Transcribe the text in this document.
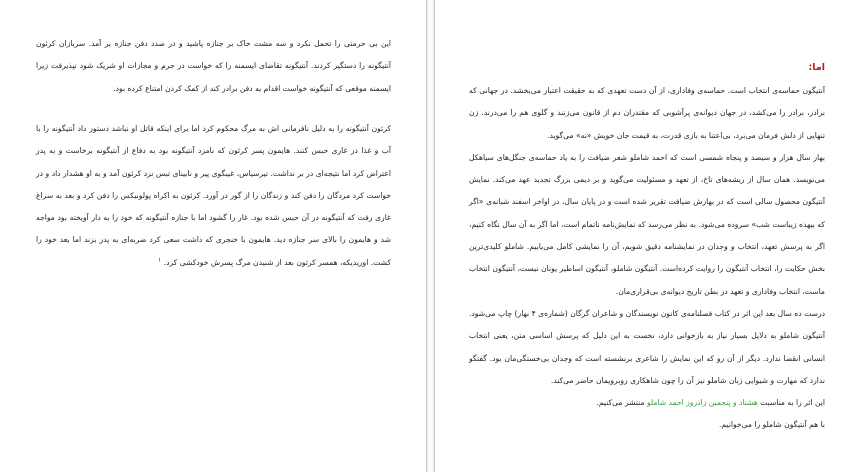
این بی حرمتی را تحمل نکرد و سه مشت خاک بر جنازه پاشید و در صدد دفن جنازه بر آمد. سربازان کرئون آنتیگونه را دستگیر کردند. آنتیگونه تقاضای ایسمنه را که خواست در جرم و مجازات او شریک شود نپذیرفت زیرا ایسمنه موقعی که آنتیگونه خواست اقدام به دفن برادر کند از کمک کردن امتناع کرده بود.

کرئون آنتیگونه را به دلیل نافرمانی اش به مرگ محکوم کرد اما برای اینکه قاتل او نباشد دستور داد آنتیگونه را با آب و غذا در غاری حبس کنند. هایمون پسر کرئون که نامزد آنتیگونه بود به دفاع از آنتیگونه برخاست و به پدر اعتراض کرد اما نتیجه‌ای در بر نداشت. تیرسیاس، غیبگوی پیر و نابینای تبس نزد کرئون آمد و به او هشدار داد و در خواست کرد مردگان را دفن کند و زندگان را از گور در آورد. کرئون به اکراه پولونیکس را دفن کرد و بعد به سراغ غاری رفت که آنتیگونه در آن حبس شده بود. غار را گشود اما با جنازه آنتیگونه که خود را به دار آویخته بود مواجه شد و هایمون را بالای سر جنازه دید. هایمون با خنجری که داشت سعی کرد ضربه‌ای به پدر بزند اما بعد خود را کشت. اوریدیکه، همسر کرئون بعد از شنیدن مرگ پسرش خودکشی کرد. $^۱$

اما:

آنتیگون حماسه‌ی انتخاب است. حماسه‌ی وفاداری، از آن دست تعهدی که به حقیقت اعتبار می‌بخشد. در جهانی که برادر، برادر را می‌کشد، در جهان دیوانه‌ی پرآشوبی که مقتدران دم از قانون می‌زنند و گلوی هم را می‌درند. زن تنهایی از دلش فرمان می‌برد، بی‌اعتنا به بازی قدرت، به قیمت جان خویش «نه» می‌گوید.

بهار سال هزار و سیصد و پنجاه شمسی است که احمد شاملو شعر ضیافت را به یاد حماسه‌ی جنگل‌های سیاهکل می‌نویسد. همان سال از ریشه‌های تاخ، از تعهد و مسئولیت می‌گوید و بر دیمی بزرگ تجدید عهد می‌کند. نمایش آنتیگون محصول سالی است که در بهارش ضیافت تقریر شده است و در پایان سال، در اواخر اسفند شبانه‌ی «اگر که بیهده زیباست شب» سروده می‌شود. به نظر می‌رسد که نمایش‌نامه ناتمام است، اما اگر به آن سال نگاه کنیم، اگر به پرسش تعهد، انتخاب و وجدان در نمایشنامه دقیق شویم، آن را نمایشی کامل می‌یابیم. شاملو کلیدی‌ترین بخش حکایت را، انتخاب آنتیگون را روایت کرده‌است. آنتیگون شاملو، آنتیگون اساطیر یونان نیست، آنتیگون انتخاب ماست، انتخاب وفاداری و تعهد در بطن تاریخ دیوانه‌ی بی‌قراری‌مان.

درست ده سال بعد این اثر در کتاب فصلنامه‌ی کانون نویسندگان و شاعران گرگان (شماره‌ی ۴ بهار) چاپ می‌شود. آنتیگون شاملو به دلایل بسیار نیاز به بازخوانی دارد، نخست به این دلیل که پرسش اساسی متن، یعنی انتخاب انسانی انقضا ندارد. دیگر از آن رو که این نمایش را شاعری برنشسته است که وجدان بی‌خستگی‌مان بود. گفتگو ندارد که مهارت و شیوایی زبان شاملو نیز آن را چون شاهکاری روبرویمان حاضر می‌کند.

این اثر را به مناسبت هشتاد و پنجمین زادروز احمد شاملو منتشر می‌کنیم.

با هم آنتیگون شاملو را می‌خوانیم.
